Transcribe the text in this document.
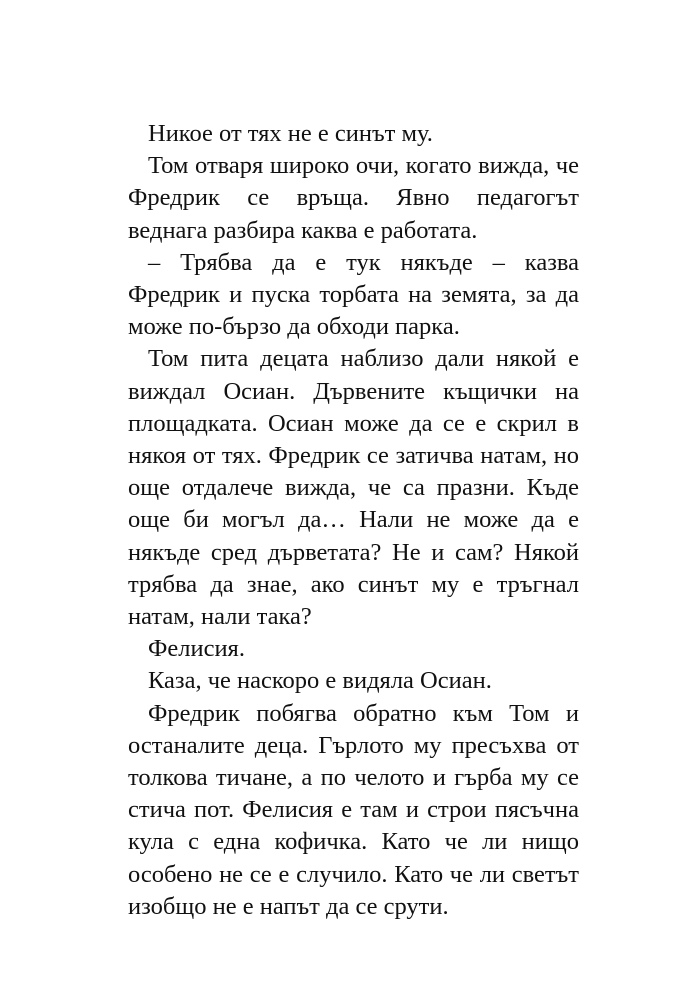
Никое от тях не е синът му.

Том отваря широко очи, когато вижда, че Фредрик се връща. Явно педагогът веднага разбира каква е работата.

– Трябва да е тук някъде – казва Фредрик и пуска торбата на земята, за да може по-бързо да обходи парка.

Том пита децата наблизо дали някой е виждал Осиан. Дървените къщички на площадката. Осиан може да се е скрил в някоя от тях. Фредрик се затичва натам, но още отдалече вижда, че са празни. Къде още би могъл да… Нали не може да е някъде сред дърветата? Не и сам? Някой трябва да знае, ако синът му е тръгнал натам, нали така?

Фелисия.

Каза, че наскоро е видяла Осиан.

Фредрик побягва обратно към Том и останалите деца. Гърлото му пресъхва от толкова тичане, а по челото и гърба му се стича пот. Фелисия е там и строи пясъчна кула с една кофичка. Като че ли нищо особено не се е случило. Като че ли светът изобщо не е напът да се срути.
